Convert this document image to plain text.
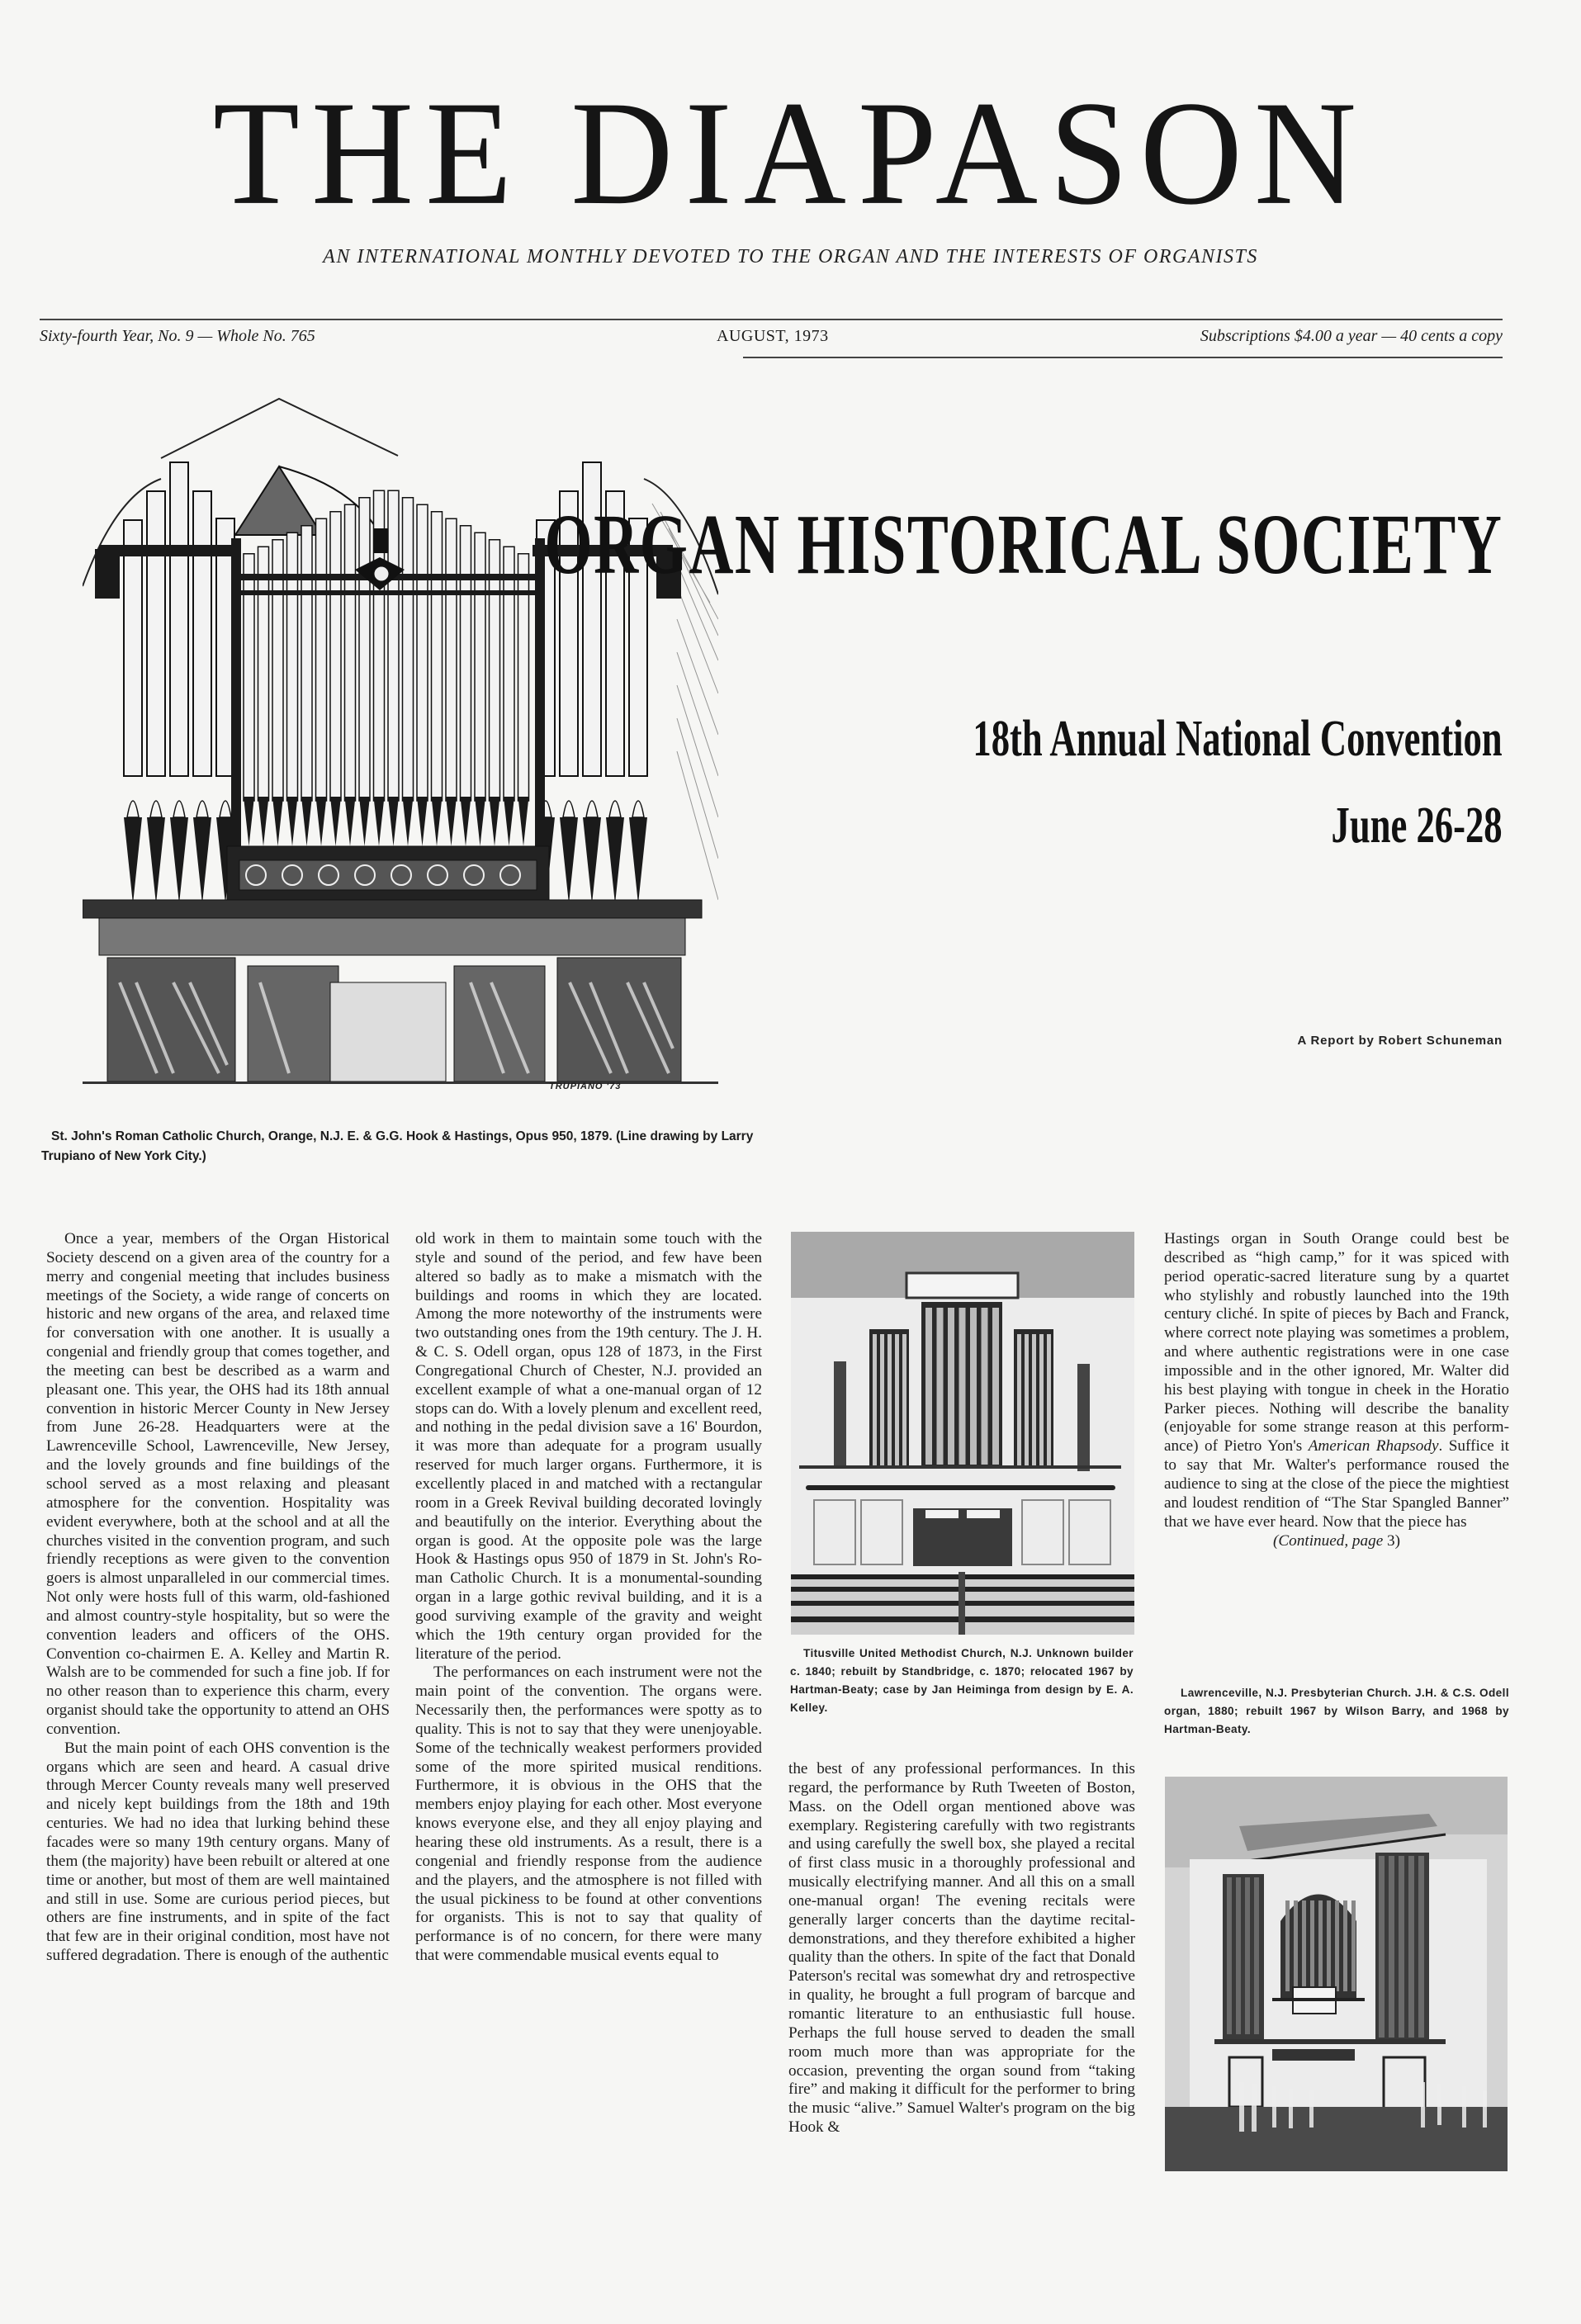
THE DIAPASON
AN INTERNATIONAL MONTHLY DEVOTED TO THE ORGAN AND THE INTERESTS OF ORGANISTS
Sixty-fourth Year, No. 9 — Whole No. 765	AUGUST, 1973	Subscriptions $4.00 a year — 40 cents a copy
TRUPIANO '73
St. John's Roman Catholic Church, Orange, N.J. E. & G.G. Hook & Hastings, Opus 950, 1879. (Line drawing by Larry Trupiano of New York City.)
ORGAN HISTORICAL SOCIETY
18th Annual National Convention
June 26-28
A Report by Robert Schuneman

Once a year, members of the Organ Historical Society descend on a given area of the country for a merry and congenial meeting that includes business meetings of the Society, a wide range of concerts on historic and new organs of the area, and relaxed time for conversation with one another. It is usually a congenial and friendly group that comes together, and the meeting can best be described as a warm and pleasant one. This year, the OHS had its 18th annual convention in historic Mercer County in New Jersey from June 26-28. Headquarters were at the Lawrenceville School, Lawrenceville, New Jersey, and the lovely grounds and fine buildings of the school served as a most relaxing and pleasant atmosphere for the convention. Hospitality was evident everywhere, both at the school and at all the churches visited in the convention program, and such friendly receptions as were given to the convention goers is almost unparalleled in our commercial times. Not only were hosts full of this warm, old-fashioned and almost country-style hospitality, but so were the convention leaders and officers of the OHS. Convention co-chairmen E. A. Kelley and Martin R. Walsh are to be commended for such a fine job. If for no other reason than to experience this charm, every organist should take the opportunity to attend an OHS convention.

But the main point of each OHS convention is the organs which are seen and heard. A casual drive through Mercer County reveals many well preserved and nicely kept buildings from the 18th and 19th centuries. We had no idea that lurking behind these facades were so many 19th century organs. Many of them (the majority) have been rebuilt or altered at one time or another, but most of them are well maintained and still in use. Some are curious period pieces, but others are fine instruments, and in spite of the fact that few are in their original condition, most have not suffered degradation. There is enough of the authentic

old work in them to maintain some touch with the style and sound of the period, and few have been altered so badly as to make a mismatch with the buildings and rooms in which they are located. Among the more noteworthy of the instruments were two outstanding ones from the 19th century. The J. H. & C. S. Odell organ, opus 128 of 1873, in the First Congregational Church of Chester, N.J. provided an excellent example of what a one-manual organ of 12 stops can do. With a lovely plenum and excellent reed, and nothing in the pedal division save a 16' Bourdon, it was more than adequate for a program usually reserved for much larger organs. Furthermore, it is excellently placed in and matched with a rectangular room in a Greek Revival building decorated lovingly and beautifully on the interior. Everything about the organ is good. At the opposite pole was the large Hook & Hastings opus 950 of 1879 in St. John's Roman Catholic Church. It is a monumental-sounding organ in a large gothic revival building, and it is a good surviving example of the gravity and weight which the 19th century organ provided for the literature of the period.

The performances on each instrument were not the main point of the convention. The organs were. Necessarily then, the performances were spotty as to quality. This is not to say that they were unenjoyable. Some of the technically weakest performers provided some of the more spirited musical renditions. Furthermore, it is obvious in the OHS that the members enjoy playing for each other. Most everyone knows everyone else, and they all enjoy playing and hearing these old instruments. As a result, there is a congenial and friendly response from the audience and the players, and the atmosphere is not filled with the usual pickiness to be found at other conventions for organists. This is not to say that quality of performance is of no concern, for there were many that were commendable musical events equal to

Titusville United Methodist Church, N.J. Unknown builder c. 1840; rebuilt by Standbridge, c. 1870; relocated 1967 by Hartman-Beaty; case by Jan Heiminga from design by E. A. Kelley.

the best of any professional performances. In this regard, the performance by Ruth Tweeten of Boston, Mass. on the Odell organ mentioned above was exemplary. Registering carefully with two registrants and using carefully the swell box, she played a recital of first class music in a thoroughly professional and musically electrifying manner. And all this on a small one-manual organ! The evening recitals were generally larger concerts than the daytime recital-demonstrations, and they therefore exhibited a higher quality than the others. In spite of the fact that Donald Paterson's recital was somewhat dry and retrospective in quality, he brought a full program of barcque and romantic literature to an enthusiastic full house. Perhaps the full house served to deaden the small room much more than was appropriate for the occasion, preventing the organ sound from “taking fire” and making it difficult for the performer to bring the music “alive.” Samuel Walter's program on the big Hook &

Hastings organ in South Orange could best be described as “high camp,” for it was spiced with period operatic-sacred literature sung by a quartet who stylishly and robustly launched into the 19th century cliché. In spite of pieces by Bach and Franck, where correct note playing was sometimes a problem, and where authentic registrations were in one case impossible and in the other ignored, Mr. Walter did his best playing with tongue in cheek in the Horatio Parker pieces. Nothing will describe the banality (enjoyable for some strange reason at this performance) of Pietro Yon's American Rhapsody. Suffice it to say that Mr. Walter's performance roused the audience to sing at the close of the piece the mightiest and loudest rendition of “The Star Spangled Banner” that we have ever heard. Now that the piece has

(Continued, page 3)

Lawrenceville, N.J. Presbyterian Church. J.H. & C.S. Odell organ, 1880; rebuilt 1967 by Wilson Barry, and 1968 by Hartman-Beaty.
